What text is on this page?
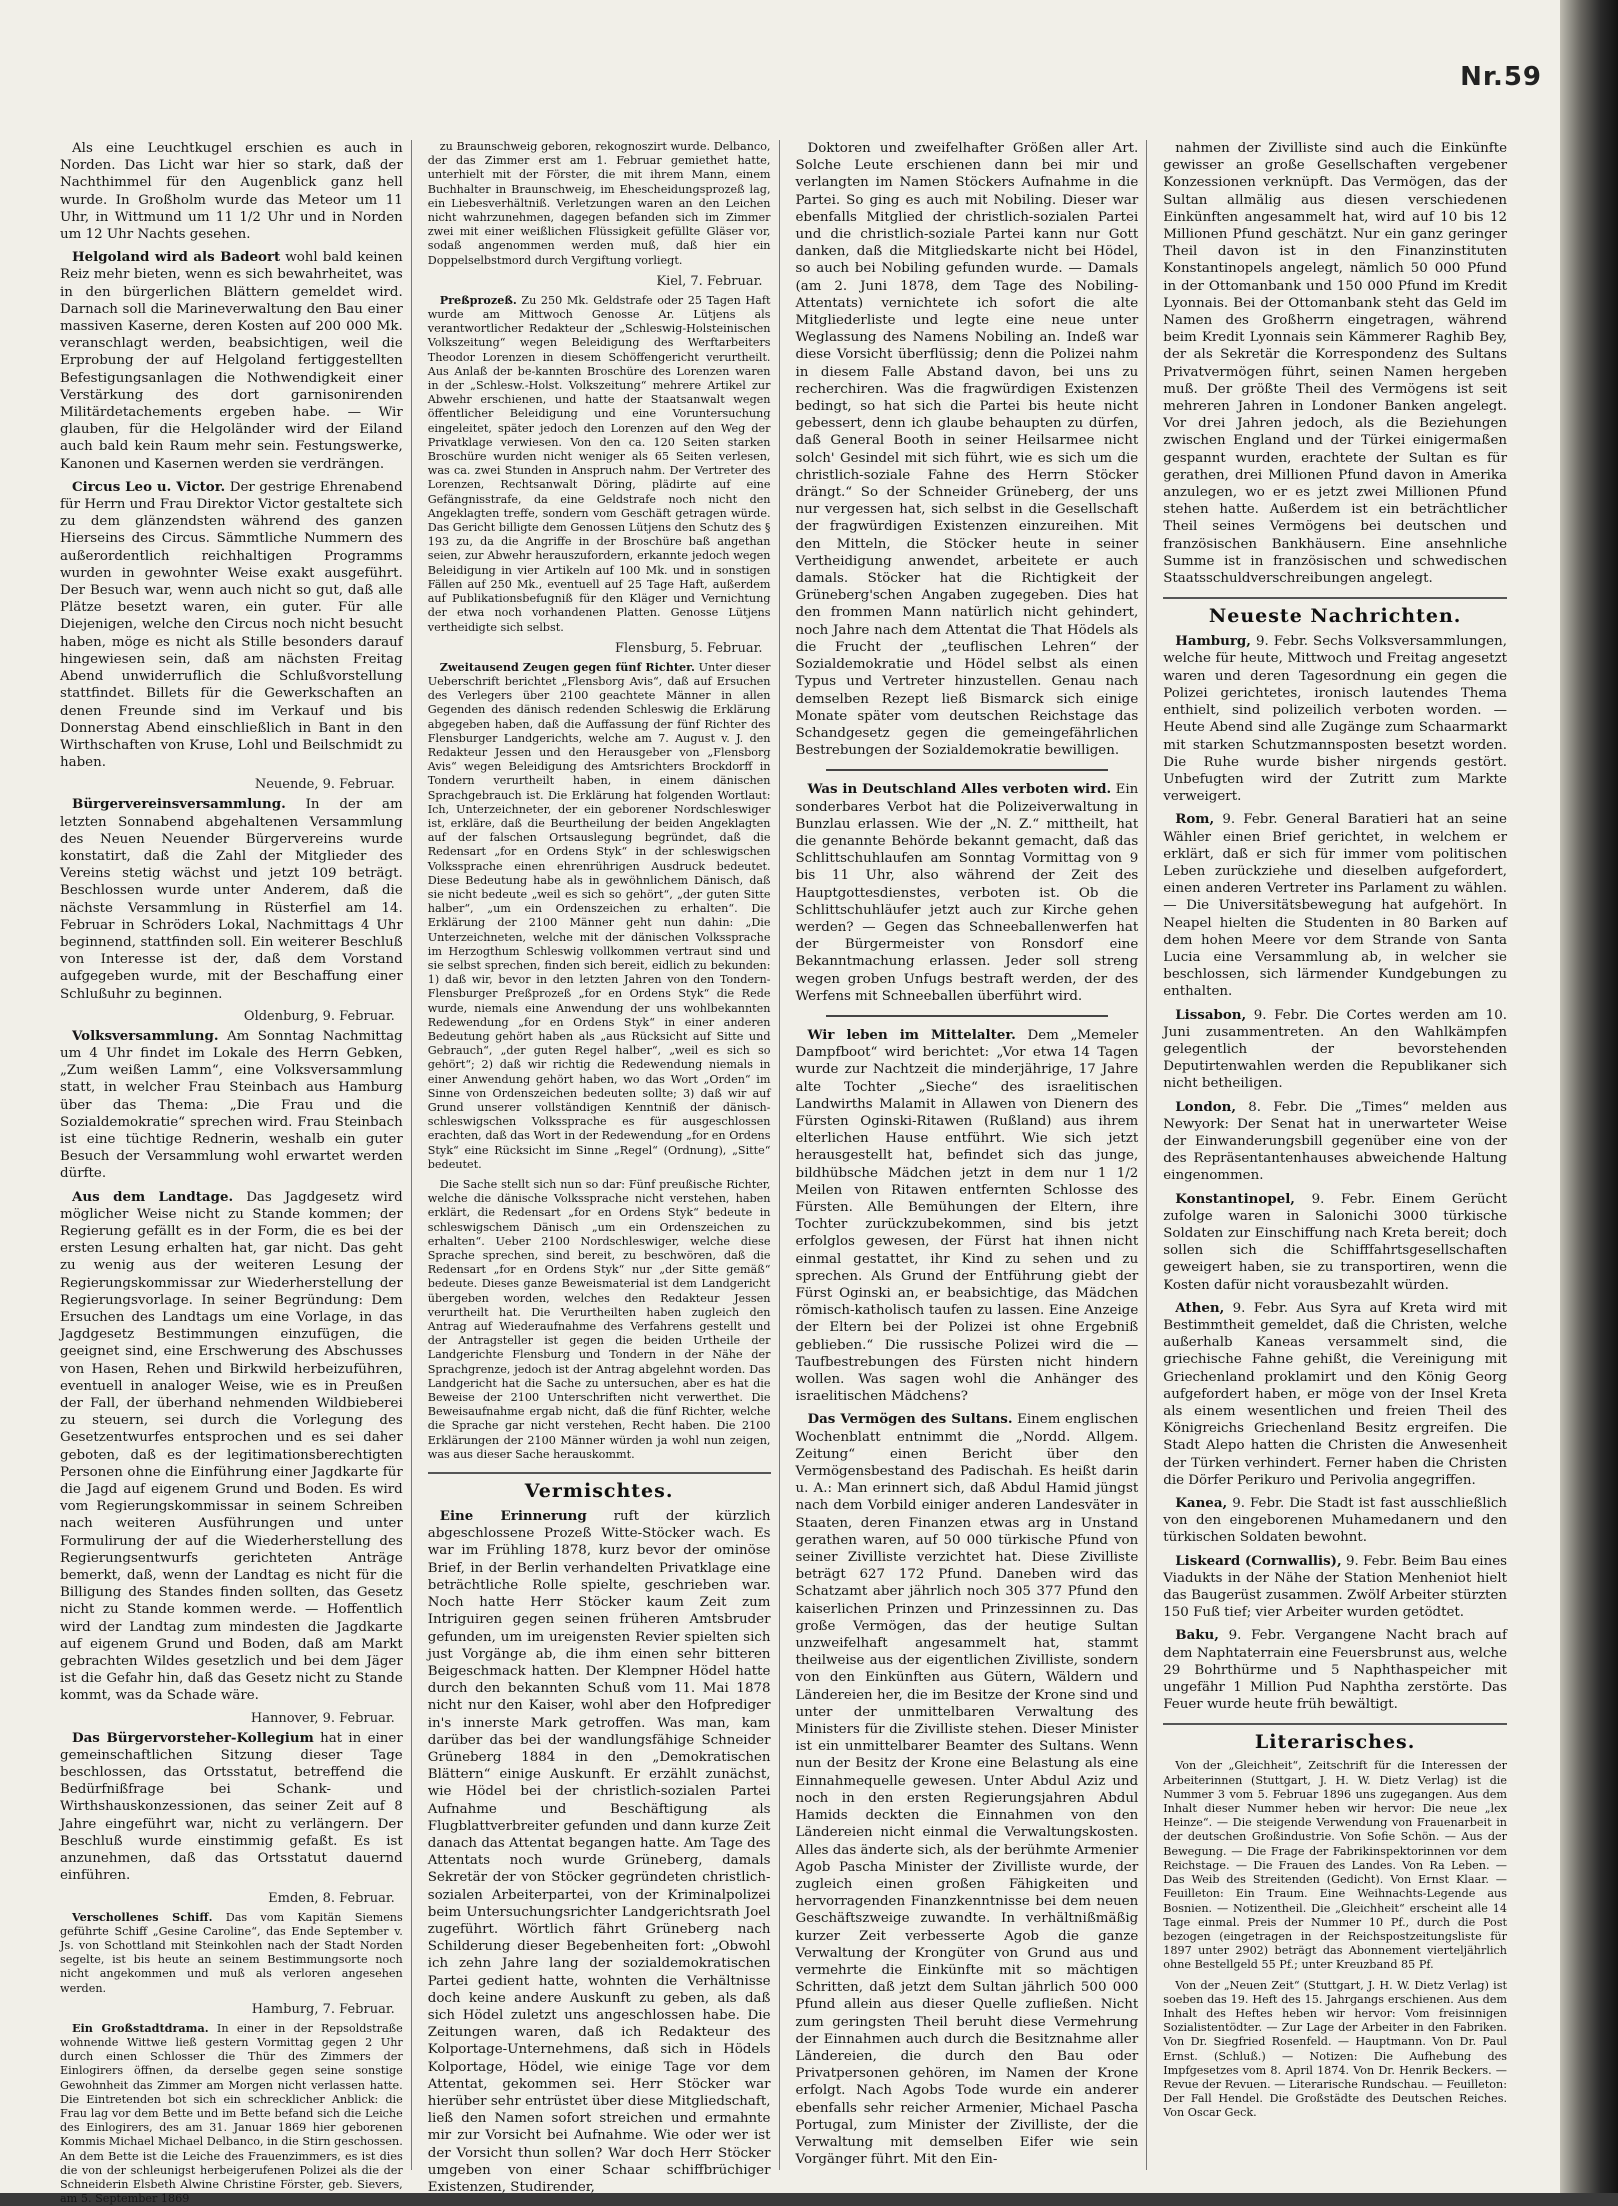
Nr.59

Als eine Leuchtkugel erschien es auch in Norden. Das Licht war hier so stark, daß der Nachthimmel für den Augenblick ganz hell wurde. In Großholm wurde das Meteor um 11 Uhr, in Wittmund um 11 1/2 Uhr und in Norden um 12 Uhr Nachts gesehen.

Helgoland wird als Badeort wohl bald keinen Reiz mehr bieten, wenn es sich bewahrheitet, was in den bürgerlichen Blättern gemeldet wird. Darnach soll die Marineverwaltung den Bau einer massiven Kaserne, deren Kosten auf 200 000 Mk. veranschlagt werden, beabsichtigen, weil die Erprobung der auf Helgoland fertiggestellten Befestigungsanlagen die Nothwendigkeit einer Verstärkung des dort garnisonirenden Militärdetachements ergeben habe. — Wir glauben, für die Helgoländer wird der Eiland auch bald kein Raum mehr sein. Festungswerke, Kanonen und Kasernen werden sie verdrängen.

Circus Leo u. Victor. Der gestrige Ehrenabend für Herrn und Frau Direktor Victor gestaltete sich zu dem glänzendsten während des ganzen Hierseins des Circus. Sämmtliche Nummern des außerordentlich reichhaltigen Programms wurden in gewohnter Weise exakt ausgeführt. Der Besuch war, wenn auch nicht so gut, daß alle Plätze besetzt waren, ein guter. Für alle Diejenigen, welche den Circus noch nicht besucht haben, möge es nicht als Stille besonders darauf hingewiesen sein, daß am nächsten Freitag Abend unwiderruflich die Schlußvorstellung stattfindet. Billets für die Gewerkschaften an denen Freunde sind im Verkauf und bis Donnerstag Abend einschließlich in Bant in den Wirthschaften von Kruse, Lohl und Beilschmidt zu haben.

Neuende, 9. Februar.

Bürgervereinsversammlung. In der am letzten Sonnabend abgehaltenen Versammlung des Neuen Neuender Bürgervereins wurde konstatirt, daß die Zahl der Mitglieder des Vereins stetig wächst und jetzt 109 beträgt. Beschlossen wurde unter Anderem, daß die nächste Versammlung in Rüsterfiel am 14. Februar in Schröders Lokal, Nachmittags 4 Uhr beginnend, stattfinden soll. Ein weiterer Beschluß von Interesse ist der, daß dem Vorstand aufgegeben wurde, mit der Beschaffung einer Schlußuhr zu beginnen.

Oldenburg, 9. Februar.

Volksversammlung. Am Sonntag Nachmittag um 4 Uhr findet im Lokale des Herrn Gebken, „Zum weißen Lamm“, eine Volksversammlung statt, in welcher Frau Steinbach aus Hamburg über das Thema: „Die Frau und die Sozialdemokratie“ sprechen wird. Frau Steinbach ist eine tüchtige Rednerin, weshalb ein guter Besuch der Versammlung wohl erwartet werden dürfte.

Aus dem Landtage. Das Jagdgesetz wird möglicher Weise nicht zu Stande kommen; der Regierung gefällt es in der Form, die es bei der ersten Lesung erhalten hat, gar nicht. Das geht zu wenig aus der weiteren Lesung der Regierungskommissar zur Wiederherstellung der Regierungsvorlage. In seiner Begründung: Dem Ersuchen des Landtags um eine Vorlage, in das Jagdgesetz Bestimmungen einzufügen, die geeignet sind, eine Erschwerung des Abschusses von Hasen, Rehen und Birkwild herbeizuführen, eventuell in analoger Weise, wie es in Preußen der Fall, der überhand nehmenden Wildbieberei zu steuern, sei durch die Vorlegung des Gesetzentwurfes entsprochen und es sei daher geboten, daß es der legitimationsberechtigten Personen ohne die Einführung einer Jagdkarte für die Jagd auf eigenem Grund und Boden. Es wird vom Regierungskommissar in seinem Schreiben nach weiteren Ausführungen und unter Formulirung der auf die Wiederherstellung des Regierungsentwurfs gerichteten Anträge bemerkt, daß, wenn der Landtag es nicht für die Billigung des Standes finden sollten, das Gesetz nicht zu Stande kommen werde. — Hoffentlich wird der Landtag zum mindesten die Jagdkarte auf eigenem Grund und Boden, daß am Markt gebrachten Wildes gesetzlich und bei dem Jäger ist die Gefahr hin, daß das Gesetz nicht zu Stande kommt, was da Schade wäre.

Hannover, 9. Februar.

Das Bürgervorsteher-Kollegium hat in einer gemeinschaftlichen Sitzung dieser Tage beschlossen, das Ortsstatut, betreffend die Bedürfnißfrage bei Schank- und Wirthshauskonzessionen, das seiner Zeit auf 8 Jahre eingeführt war, nicht zu verlängern. Der Beschluß wurde einstimmig gefaßt. Es ist anzunehmen, daß das Ortsstatut dauernd einführen.

Emden, 8. Februar.

Verschollenes Schiff. Das vom Kapitän Siemens geführte Schiff „Gesine Caroline“, das Ende September v. Js. von Schottland mit Steinkohlen nach der Stadt Norden segelte, ist bis heute an seinem Bestimmungsorte noch nicht angekommen und muß als verloren angesehen werden.

Hamburg, 7. Februar.

Ein Großstadtdrama. In einer in der Repsoldstraße wohnende Wittwe ließ gestern Vormittag gegen 2 Uhr durch einen Schlosser die Thür des Zimmers der Einlogirers öffnen, da derselbe gegen seine sonstige Gewohnheit das Zimmer am Morgen nicht verlassen hatte. Die Eintretenden bot sich ein schrecklicher Anblick: die Frau lag vor dem Bette und im Bette befand sich die Leiche des Einlogirers, des am 31. Januar 1869 hier geborenen Kommis Michael Michael Delbanco, in die Stirn geschossen. An dem Bette ist die Leiche des Frauenzimmers, es ist dies die von der schleunigst herbeigerufenen Polizei als die der Schneiderin Elsbeth Alwine Christine Förster, geb. Sievers, am 5. September 1869

zu Braunschweig geboren, rekognoszirt wurde. Delbanco, der das Zimmer erst am 1. Februar gemiethet hatte, unterhielt mit der Förster, die mit ihrem Mann, einem Buchhalter in Braunschweig, im Ehescheidungsprozeß lag, ein Liebesverhältniß. Verletzungen waren an den Leichen nicht wahrzunehmen, dagegen befanden sich im Zimmer zwei mit einer weißlichen Flüssigkeit gefüllte Gläser vor, sodaß angenommen werden muß, daß hier ein Doppelselbstmord durch Vergiftung vorliegt.

Kiel, 7. Februar.

Preßprozeß. Zu 250 Mk. Geldstrafe oder 25 Tagen Haft wurde am Mittwoch Genosse Ar. Lütjens als verantwortlicher Redakteur der „Schleswig-Holsteinischen Volkszeitung“ wegen Beleidigung des Werftarbeiters Theodor Lorenzen in diesem Schöffengericht verurtheilt. Aus Anlaß der be-kannten Broschüre des Lorenzen waren in der „Schlesw.-Holst. Volkszeitung“ mehrere Artikel zur Abwehr erschienen, und hatte der Staatsanwalt wegen öffentlicher Beleidigung und eine Voruntersuchung eingeleitet, später jedoch den Lorenzen auf den Weg der Privatklage verwiesen. Von den ca. 120 Seiten starken Broschüre wurden nicht weniger als 65 Seiten verlesen, was ca. zwei Stunden in Anspruch nahm. Der Vertreter des Lorenzen, Rechtsanwalt Döring, plädirte auf eine Gefängnisstrafe, da eine Geldstrafe noch nicht den Angeklagten treffe, sondern vom Geschäft getragen würde. Das Gericht billigte dem Genossen Lütjens den Schutz des § 193 zu, da die Angriffe in der Broschüre baß angethan seien, zur Abwehr herauszufordern, erkannte jedoch wegen Beleidigung in vier Artikeln auf 100 Mk. und in sonstigen Fällen auf 250 Mk., eventuell auf 25 Tage Haft, außerdem auf Publikationsbefugniß für den Kläger und Vernichtung der etwa noch vorhandenen Platten. Genosse Lütjens vertheidigte sich selbst.

Flensburg, 5. Februar.

Zweitausend Zeugen gegen fünf Richter. Unter dieser Ueberschrift berichtet „Flensborg Avis“, daß auf Ersuchen des Verlegers über 2100 geachtete Männer in allen Gegenden des dänisch redenden Schleswig die Erklärung abgegeben haben, daß die Auffassung der fünf Richter des Flensburger Landgerichts, welche am 7. August v. J. den Redakteur Jessen und den Herausgeber von „Flensborg Avis“ wegen Beleidigung des Amtsrichters Brockdorff in Tondern verurtheilt haben, in einem dänischen Sprachgebrauch ist. Die Erklärung hat folgenden Wortlaut: Ich, Unterzeichneter, der ein geborener Nordschleswiger ist, erkläre, daß die Beurtheilung der beiden Angeklagten auf der falschen Ortsauslegung begründet, daß die Redensart „for en Ordens Styk“ in der schleswigschen Volkssprache einen ehrenrührigen Ausdruck bedeutet. Diese Bedeutung habe als in gewöhnlichem Dänisch, daß sie nicht bedeute „weil es sich so gehört“, „der guten Sitte halber“, „um ein Ordenszeichen zu erhalten“. Die Erklärung der 2100 Männer geht nun dahin: „Die Unterzeichneten, welche mit der dänischen Volkssprache im Herzogthum Schleswig vollkommen vertraut sind und sie selbst sprechen, finden sich bereit, eidlich zu bekunden: 1) daß wir, bevor in den letzten Jahren von den Tondern-Flensburger Preßprozeß „for en Ordens Styk“ die Rede wurde, niemals eine Anwendung der uns wohlbekannten Redewendung „for en Ordens Styk“ in einer anderen Bedeutung gehört haben als „aus Rücksicht auf Sitte und Gebrauch“, „der guten Regel halber“, „weil es sich so gehört“; 2) daß wir richtig die Redewendung niemals in einer Anwendung gehört haben, wo das Wort „Orden“ im Sinne von Ordenszeichen bedeuten sollte; 3) daß wir auf Grund unserer vollständigen Kenntniß der dänisch-schleswigschen Volkssprache es für ausgeschlossen erachten, daß das Wort in der Redewendung „for en Ordens Styk“ eine Rücksicht im Sinne „Regel“ (Ordnung), „Sitte“ bedeutet.

Die Sache stellt sich nun so dar: Fünf preußische Richter, welche die dänische Volkssprache nicht verstehen, haben erklärt, die Redensart „for en Ordens Styk“ bedeute in schleswigschem Dänisch „um ein Ordenszeichen zu erhalten“. Ueber 2100 Nordschleswiger, welche diese Sprache sprechen, sind bereit, zu beschwören, daß die Redensart „for en Ordens Styk“ nur „der Sitte gemäß“ bedeute. Dieses ganze Beweismaterial ist dem Landgericht übergeben worden, welches den Redakteur Jessen verurtheilt hat. Die Verurtheilten haben zugleich den Antrag auf Wiederaufnahme des Verfahrens gestellt und der Antragsteller ist gegen die beiden Urtheile der Landgerichte Flensburg und Tondern in der Nähe der Sprachgrenze, jedoch ist der Antrag abgelehnt worden. Das Landgericht hat die Sache zu untersuchen, aber es hat die Beweise der 2100 Unterschriften nicht verwerthet. Die Beweisaufnahme ergab nicht, daß die fünf Richter, welche die Sprache gar nicht verstehen, Recht haben. Die 2100 Erklärungen der 2100 Männer würden ja wohl nun zeigen, was aus dieser Sache herauskommt.

Vermischtes.

Eine Erinnerung ruft der kürzlich abgeschlossene Prozeß Witte-Stöcker wach. Es war im Frühling 1878, kurz bevor der ominöse Brief, in der Berlin verhandelten Privatklage eine beträchtliche Rolle spielte, geschrieben war. Noch hatte Herr Stöcker kaum Zeit zum Intriguiren gegen seinen früheren Amtsbruder gefunden, um im ureigensten Revier spielten sich just Vorgänge ab, die ihm einen sehr bitteren Beigeschmack hatten. Der Klempner Hödel hatte durch den bekannten Schuß vom 11. Mai 1878 nicht nur den Kaiser, wohl aber den Hofprediger in's innerste Mark getroffen. Was man, kam darüber das bei der wandlungsfähige Schneider Grüneberg 1884 in den „Demokratischen Blättern“ einige Auskunft. Er erzählt zunächst, wie Hödel bei der christlich-sozialen Partei Aufnahme und Beschäftigung als Flugblattverbreiter gefunden und dann kurze Zeit danach das Attentat begangen hatte. Am Tage des Attentats noch wurde Grüneberg, damals Sekretär der von Stöcker gegründeten christlich-sozialen Arbeiterpartei, von der Kriminalpolizei beim Untersuchungsrichter Landgerichtsrath Joel zugeführt. Wörtlich fährt Grüneberg nach Schilderung dieser Begebenheiten fort: „Obwohl ich zehn Jahre lang der sozialdemokratischen Partei gedient hatte, wohnten die Verhältnisse doch keine andere Auskunft zu geben, als daß sich Hödel zuletzt uns angeschlossen habe. Die Zeitungen waren, daß ich Redakteur des Kolportage-Unternehmens, daß sich in Hödels Kolportage, Hödel, wie einige Tage vor dem Attentat, gekommen sei. Herr Stöcker war hierüber sehr entrüstet über diese Mitgliedschaft, ließ den Namen sofort streichen und ermahnte mir zur Vorsicht bei Aufnahme. Wie oder wer ist der Vorsicht thun sollen? War doch Herr Stöcker umgeben von einer Schaar schiffbrüchiger Existenzen, Studirender,

Doktoren und zweifelhafter Größen aller Art. Solche Leute erschienen dann bei mir und verlangten im Namen Stöckers Aufnahme in die Partei. So ging es auch mit Nobiling. Dieser war ebenfalls Mitglied der christlich-sozialen Partei und die christlich-soziale Partei kann nur Gott danken, daß die Mitgliedskarte nicht bei Hödel, so auch bei Nobiling gefunden wurde. — Damals (am 2. Juni 1878, dem Tage des Nobiling-Attentats) vernichtete ich sofort die alte Mitgliederliste und legte eine neue unter Weglassung des Namens Nobiling an. Indeß war diese Vorsicht überflüssig; denn die Polizei nahm in diesem Falle Abstand davon, bei uns zu recherchiren. Was die fragwürdigen Existenzen bedingt, so hat sich die Partei bis heute nicht gebessert, denn ich glaube behaupten zu dürfen, daß General Booth in seiner Heilsarmee nicht solch' Gesindel mit sich führt, wie es sich um die christlich-soziale Fahne des Herrn Stöcker drängt.“ So der Schneider Grüneberg, der uns nur vergessen hat, sich selbst in die Gesellschaft der fragwürdigen Existenzen einzureihen. Mit den Mitteln, die Stöcker heute in seiner Vertheidigung anwendet, arbeitete er auch damals. Stöcker hat die Richtigkeit der Grüneberg'schen Angaben zugegeben. Dies hat den frommen Mann natürlich nicht gehindert, noch Jahre nach dem Attentat die That Hödels als die Frucht der „teuflischen Lehren“ der Sozialdemokratie und Hödel selbst als einen Typus und Vertreter hinzustellen. Genau nach demselben Rezept ließ Bismarck sich einige Monate später vom deutschen Reichstage das Schandgesetz gegen die gemeingefährlichen Bestrebungen der Sozialdemokratie bewilligen.

Was in Deutschland Alles verboten wird. Ein sonderbares Verbot hat die Polizeiverwaltung in Bunzlau erlassen. Wie der „N. Z.“ mittheilt, hat die genannte Behörde bekannt gemacht, daß das Schlittschuhlaufen am Sonntag Vormittag von 9 bis 11 Uhr, also während der Zeit des Hauptgottesdienstes, verboten ist. Ob die Schlittschuhläufer jetzt auch zur Kirche gehen werden? — Gegen das Schneeballenwerfen hat der Bürgermeister von Ronsdorf eine Bekanntmachung erlassen. Jeder soll streng wegen groben Unfugs bestraft werden, der des Werfens mit Schneeballen überführt wird.

Wir leben im Mittelalter. Dem „Memeler Dampfboot“ wird berichtet: „Vor etwa 14 Tagen wurde zur Nachtzeit die minderjährige, 17 Jahre alte Tochter „Sieche“ des israelitischen Landwirths Malamit in Allawen von Dienern des Fürsten Oginski-Ritawen (Rußland) aus ihrem elterlichen Hause entführt. Wie sich jetzt herausgestellt hat, befindet sich das junge, bildhübsche Mädchen jetzt in dem nur 1 1/2 Meilen von Ritawen entfernten Schlosse des Fürsten. Alle Bemühungen der Eltern, ihre Tochter zurückzubekommen, sind bis jetzt erfolglos gewesen, der Fürst hat ihnen nicht einmal gestattet, ihr Kind zu sehen und zu sprechen. Als Grund der Entführung giebt der Fürst Oginski an, er beabsichtige, das Mädchen römisch-katholisch taufen zu lassen. Eine Anzeige der Eltern bei der Polizei ist ohne Ergebniß geblieben.“ Die russische Polizei wird die — Taufbestrebungen des Fürsten nicht hindern wollen. Was sagen wohl die Anhänger des israelitischen Mädchens?

Das Vermögen des Sultans. Einem englischen Wochenblatt entnimmt die „Nordd. Allgem. Zeitung“ einen Bericht über den Vermögensbestand des Padischah. Es heißt darin u. A.: Man erinnert sich, daß Abdul Hamid jüngst nach dem Vorbild einiger anderen Landesväter in Staaten, deren Finanzen etwas arg in Unstand gerathen waren, auf 50 000 türkische Pfund von seiner Zivilliste verzichtet hat. Diese Zivilliste beträgt 627 172 Pfund. Daneben wird das Schatzamt aber jährlich noch 305 377 Pfund den kaiserlichen Prinzen und Prinzessinnen zu. Das große Vermögen, das der heutige Sultan unzweifelhaft angesammelt hat, stammt theilweise aus der eigentlichen Zivilliste, sondern von den Einkünften aus Gütern, Wäldern und Ländereien her, die im Besitze der Krone sind und unter der unmittelbaren Verwaltung des Ministers für die Zivilliste stehen. Dieser Minister ist ein unmittelbarer Beamter des Sultans. Wenn nun der Besitz der Krone eine Belastung als eine Einnahmequelle gewesen. Unter Abdul Aziz und noch in den ersten Regierungsjahren Abdul Hamids deckten die Einnahmen von den Ländereien nicht einmal die Verwaltungskosten. Alles das änderte sich, als der berühmte Armenier Agob Pascha Minister der Zivilliste wurde, der zugleich einen großen Fähigkeiten und hervorragenden Finanzkenntnisse bei dem neuen Geschäftszweige zuwandte. In verhältnißmäßig kurzer Zeit verbesserte Agob die ganze Verwaltung der Krongüter von Grund aus und vermehrte die Einkünfte mit so mächtigen Schritten, daß jetzt dem Sultan jährlich 500 000 Pfund allein aus dieser Quelle zufließen. Nicht zum geringsten Theil beruht diese Vermehrung der Einnahmen auch durch die Besitznahme aller Ländereien, die durch den Bau oder Privatpersonen gehören, im Namen der Krone erfolgt. Nach Agobs Tode wurde ein anderer ebenfalls sehr reicher Armenier, Michael Pascha Portugal, zum Minister der Zivilliste, der die Verwaltung mit demselben Eifer wie sein Vorgänger führt. Mit den Ein-

nahmen der Zivilliste sind auch die Einkünfte gewisser an große Gesellschaften vergebener Konzessionen verknüpft. Das Vermögen, das der Sultan allmälig aus diesen verschiedenen Einkünften angesammelt hat, wird auf 10 bis 12 Millionen Pfund geschätzt. Nur ein ganz geringer Theil davon ist in den Finanzinstituten Konstantinopels angelegt, nämlich 50 000 Pfund in der Ottomanbank und 150 000 Pfund im Kredit Lyonnais. Bei der Ottomanbank steht das Geld im Namen des Großherrn eingetragen, während beim Kredit Lyonnais sein Kämmerer Raghib Bey, der als Sekretär die Korrespondenz des Sultans Privatvermögen führt, seinen Namen hergeben muß. Der größte Theil des Vermögens ist seit mehreren Jahren in Londoner Banken angelegt. Vor drei Jahren jedoch, als die Beziehungen zwischen England und der Türkei einigermaßen gespannt wurden, erachtete der Sultan es für gerathen, drei Millionen Pfund davon in Amerika anzulegen, wo er es jetzt zwei Millionen Pfund stehen hatte. Außerdem ist ein beträchtlicher Theil seines Vermögens bei deutschen und französischen Bankhäusern. Eine ansehnliche Summe ist in französischen und schwedischen Staatsschuldverschreibungen angelegt.

Neueste Nachrichten.

Hamburg, 9. Febr. Sechs Volksversammlungen, welche für heute, Mittwoch und Freitag angesetzt waren und deren Tagesordnung ein gegen die Polizei gerichtetes, ironisch lautendes Thema enthielt, sind polizeilich verboten worden. — Heute Abend sind alle Zugänge zum Schaarmarkt mit starken Schutzmannsposten besetzt worden. Die Ruhe wurde bisher nirgends gestört. Unbefugten wird der Zutritt zum Markte verweigert.

Rom, 9. Febr. General Baratieri hat an seine Wähler einen Brief gerichtet, in welchem er erklärt, daß er sich für immer vom politischen Leben zurückziehe und dieselben aufgefordert, einen anderen Vertreter ins Parlament zu wählen. — Die Universitätsbewegung hat aufgehört. In Neapel hielten die Studenten in 80 Barken auf dem hohen Meere vor dem Strande von Santa Lucia eine Versammlung ab, in welcher sie beschlossen, sich lärmender Kundgebungen zu enthalten.

Lissabon, 9. Febr. Die Cortes werden am 10. Juni zusammentreten. An den Wahlkämpfen gelegentlich der bevorstehenden Deputirtenwahlen werden die Republikaner sich nicht betheiligen.

London, 8. Febr. Die „Times“ melden aus Newyork: Der Senat hat in unerwarteter Weise der Einwanderungsbill gegenüber eine von der des Repräsentantenhauses abweichende Haltung eingenommen.

Konstantinopel, 9. Febr. Einem Gerücht zufolge waren in Salonichi 3000 türkische Soldaten zur Einschiffung nach Kreta bereit; doch sollen sich die Schifffahrtsgesellschaften geweigert haben, sie zu transportiren, wenn die Kosten dafür nicht vorausbezahlt würden.

Athen, 9. Febr. Aus Syra auf Kreta wird mit Bestimmtheit gemeldet, daß die Christen, welche außerhalb Kaneas versammelt sind, die griechische Fahne gehißt, die Vereinigung mit Griechenland proklamirt und den König Georg aufgefordert haben, er möge von der Insel Kreta als einem wesentlichen und freien Theil des Königreichs Griechenland Besitz ergreifen. Die Stadt Alepo hatten die Christen die Anwesenheit der Türken verhindert. Ferner haben die Christen die Dörfer Perikuro und Perivolia angegriffen.

Kanea, 9. Febr. Die Stadt ist fast ausschließlich von den eingeborenen Muhamedanern und den türkischen Soldaten bewohnt.

Liskeard (Cornwallis), 9. Febr. Beim Bau eines Viadukts in der Nähe der Station Menheniot hielt das Baugerüst zusammen. Zwölf Arbeiter stürzten 150 Fuß tief; vier Arbeiter wurden getödtet.

Baku, 9. Febr. Vergangene Nacht brach auf dem Naphtaterrain eine Feuersbrunst aus, welche 29 Bohrthürme und 5 Naphthaspeicher mit ungefähr 1 Million Pud Naphtha zerstörte. Das Feuer wurde heute früh bewältigt.

Literarisches.

Von der „Gleichheit“, Zeitschrift für die Interessen der Arbeiterinnen (Stuttgart, J. H. W. Dietz Verlag) ist die Nummer 3 vom 5. Februar 1896 uns zugegangen. Aus dem Inhalt dieser Nummer heben wir hervor: Die neue „lex Heinze“. — Die steigende Verwendung von Frauenarbeit in der deutschen Großindustrie. Von Sofie Schön. — Aus der Bewegung. — Die Frage der Fabrikinspektorinnen vor dem Reichstage. — Die Frauen des Landes. Von Ra Leben. — Das Weib des Streitenden (Gedicht). Von Ernst Klaar. — Feuilleton: Ein Traum. Eine Weihnachts-Legende aus Bosnien. — Notizentheil. Die „Gleichheit“ erscheint alle 14 Tage einmal. Preis der Nummer 10 Pf., durch die Post bezogen (eingetragen in der Reichspostzeitungsliste für 1897 unter 2902) beträgt das Abonnement vierteljährlich ohne Bestellgeld 55 Pf.; unter Kreuzband 85 Pf.

Von der „Neuen Zeit“ (Stuttgart, J. H. W. Dietz Verlag) ist soeben das 19. Heft des 15. Jahrgangs erschienen. Aus dem Inhalt des Heftes heben wir hervor: Vom freisinnigen Sozialistentödter. — Zur Lage der Arbeiter in den Fabriken. Von Dr. Siegfried Rosenfeld. — Hauptmann. Von Dr. Paul Ernst. (Schluß.) — Notizen: Die Aufhebung des Impfgesetzes vom 8. April 1874. Von Dr. Henrik Beckers. — Revue der Revuen. — Literarische Rundschau. — Feuilleton: Der Fall Hendel. Die Großstädte des Deutschen Reiches. Von Oscar Geck.
